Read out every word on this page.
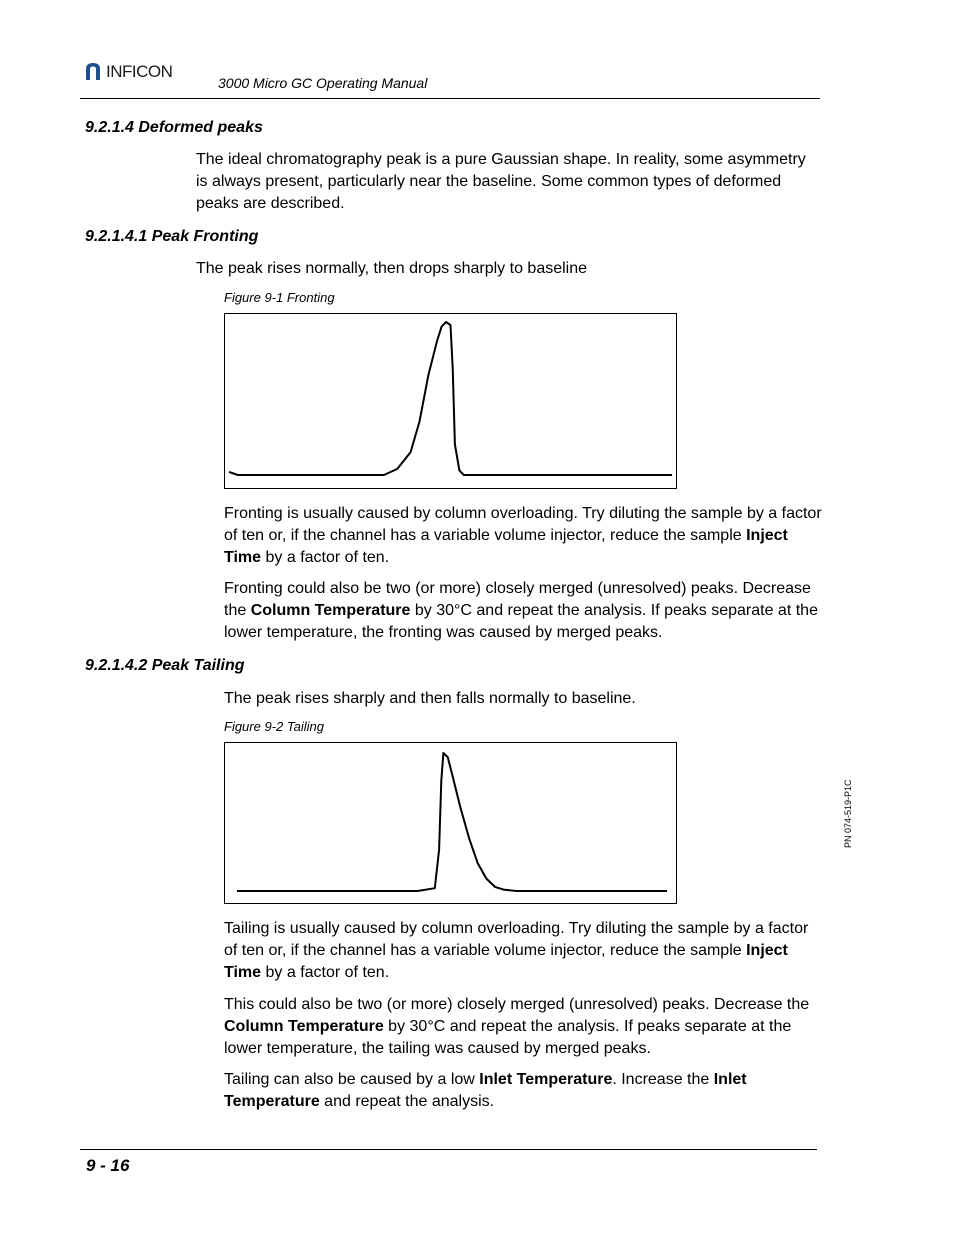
INFICON
3000 Micro GC Operating Manual
9.2.1.4 Deformed peaks
The ideal chromatography peak is a pure Gaussian shape. In reality, some asymmetry is always present, particularly near the baseline. Some common types of deformed peaks are described.
9.2.1.4.1 Peak Fronting
The peak rises normally, then drops sharply to baseline
Figure 9-1 Fronting
Fronting is usually caused by column overloading. Try diluting the sample by a factor of ten or, if the channel has a variable volume injector, reduce the sample Inject Time by a factor of ten.
Fronting could also be two (or more) closely merged (unresolved) peaks. Decrease the Column Temperature by 30°C and repeat the analysis. If peaks separate at the lower temperature, the fronting was caused by merged peaks.
9.2.1.4.2 Peak Tailing
The peak rises sharply and then falls normally to baseline.
Figure 9-2 Tailing
Tailing is usually caused by column overloading. Try diluting the sample by a factor of ten or, if the channel has a variable volume injector, reduce the sample Inject Time by a factor of ten.
This could also be two (or more) closely merged (unresolved) peaks. Decrease the Column Temperature by 30°C and repeat the analysis. If peaks separate at the lower temperature, the tailing was caused by merged peaks.
Tailing can also be caused by a low Inlet Temperature. Increase the Inlet Temperature and repeat the analysis.
PN 074-519-P1C
9 - 16
